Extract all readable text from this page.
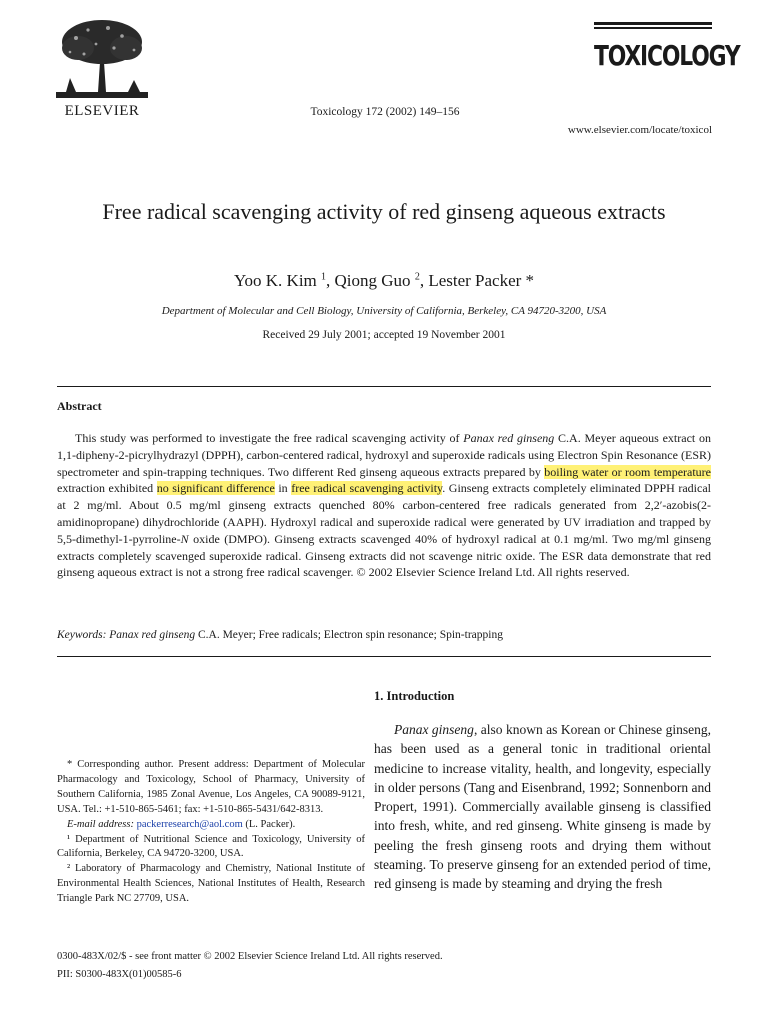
ELSEVIER	Toxicology 172 (2002) 149–156
TOXICOLOGY
www.elsevier.com/locate/toxicol
Free radical scavenging activity of red ginseng aqueous extracts
Yoo K. Kim $^1$, Qiong Guo $^2$, Lester Packer *
Department of Molecular and Cell Biology, University of California, Berkeley, CA 94720-3200, USA
Received 29 July 2001; accepted 19 November 2001
Abstract
This study was performed to investigate the free radical scavenging activity of Panax red ginseng C.A. Meyer aqueous extract on 1,1-dipheny-2-picrylhydrazyl (DPPH), carbon-centered radical, hydroxyl and superoxide radicals using Electron Spin Resonance (ESR) spectrometer and spin-trapping techniques. Two different Red ginseng aqueous extracts prepared by boiling water or room temperature extraction exhibited no significant difference in free radical scavenging activity. Ginseng extracts completely eliminated DPPH radical at 2 mg/ml. About 0.5 mg/ml ginseng extracts quenched 80% carbon-centered free radicals generated from 2,2′-azobis(2-amidinopropane) dihydrochloride (AAPH). Hydroxyl radical and superoxide radical were generated by UV irradiation and trapped by 5,5-dimethyl-1-pyrroline-N oxide (DMPO). Ginseng extracts scavenged 40% of hydroxyl radical at 0.1 mg/ml. Two mg/ml ginseng extracts completely scavenged superoxide radical. Ginseng extracts did not scavenge nitric oxide. The ESR data demonstrate that red ginseng aqueous extract is not a strong free radical scavenger. © 2002 Elsevier Science Ireland Ltd. All rights reserved.
Keywords: Panax red ginseng C.A. Meyer; Free radicals; Electron spin resonance; Spin-trapping
1. Introduction
Panax ginseng, also known as Korean or Chinese ginseng, has been used as a general tonic in traditional oriental medicine to increase vitality, health, and longevity, especially in older persons (Tang and Eisenbrand, 1992; Sonnenborn and Propert, 1991). Commercially available ginseng is classified into fresh, white, and red ginseng. White ginseng is made by peeling the fresh ginseng roots and drying them without steaming. To preserve ginseng for an extended period of time, red ginseng is made by steaming and drying the fresh

* Corresponding author. Present address: Department of Molecular Pharmacology and Toxicology, School of Pharmacy, University of Southern California, 1985 Zonal Avenue, Los Angeles, CA 90089-9121, USA. Tel.: +1-510-865-5461; fax: +1-510-865-5431/642-8313.

E-mail address: packerresearch@aol.com (L. Packer).

¹ Department of Nutritional Science and Toxicology, University of California, Berkeley, CA 94720-3200, USA.

² Laboratory of Pharmacology and Chemistry, National Institute of Environmental Health Sciences, National Institutes of Health, Research Triangle Park NC 27709, USA.

0300-483X/02/$ - see front matter © 2002 Elsevier Science Ireland Ltd. All rights reserved.
PII: S0300-483X(01)00585-6
